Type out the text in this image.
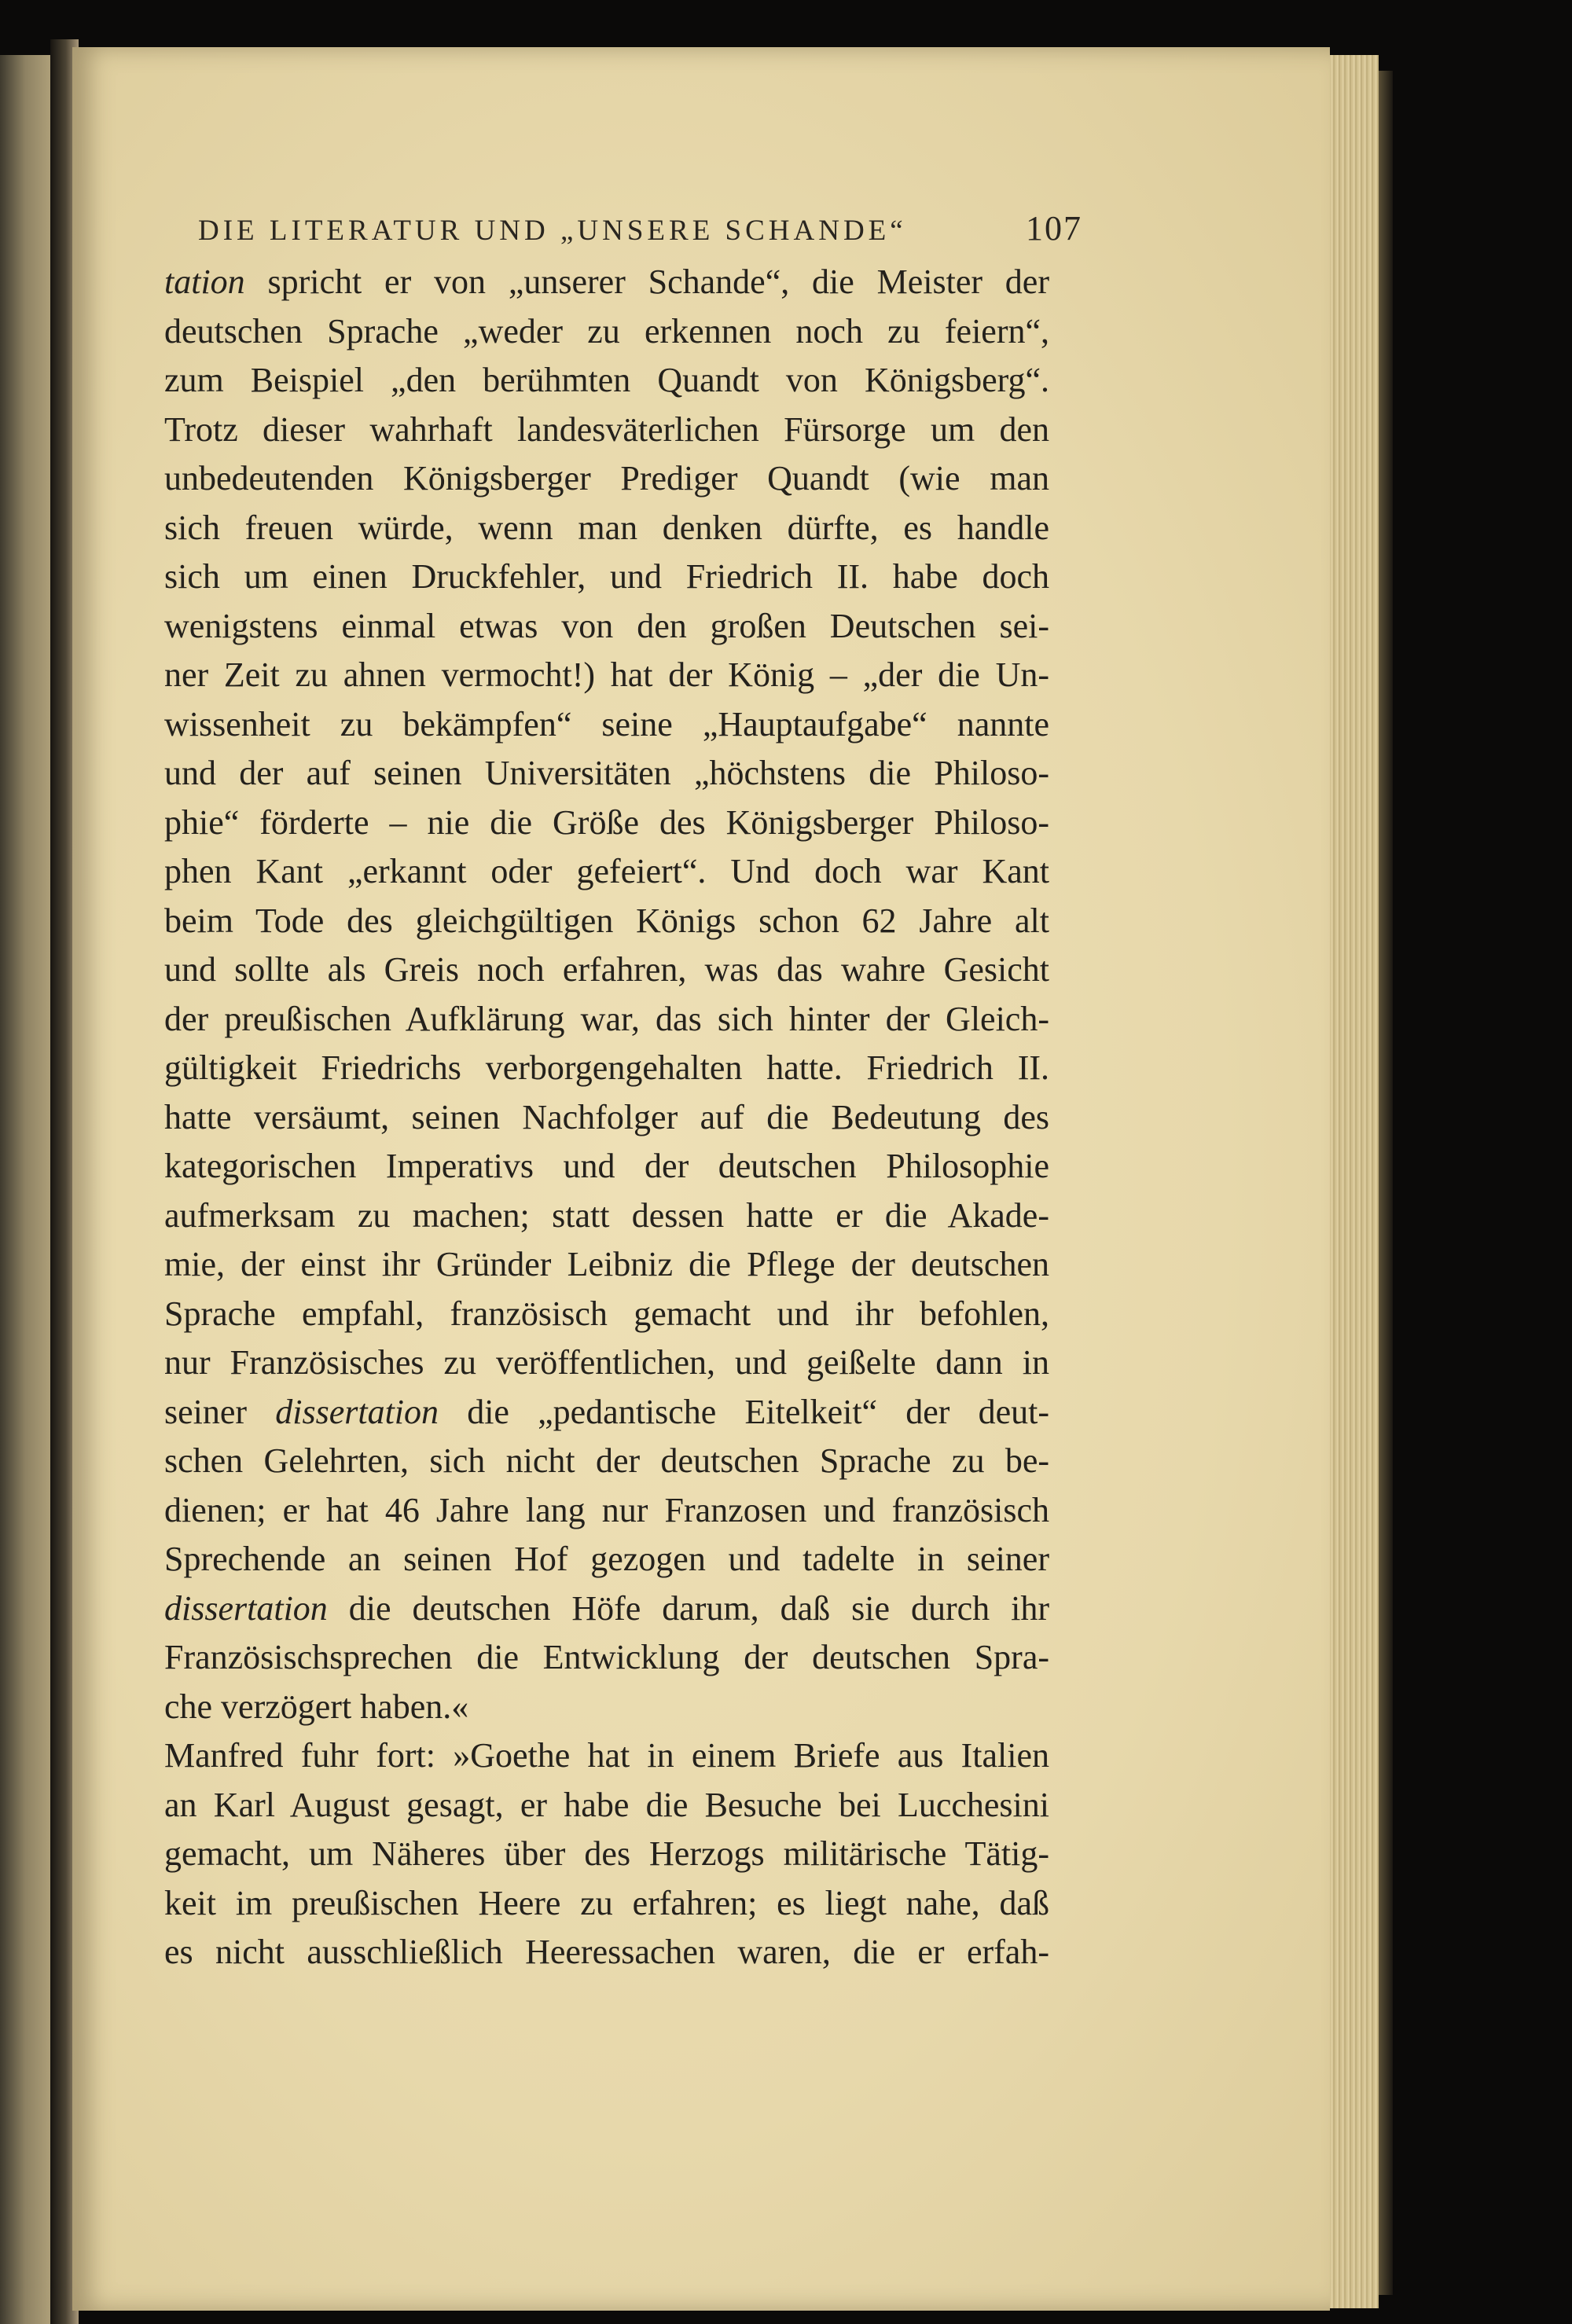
DIE LITERATUR UND „UNSERE SCHANDE“	107
tation spricht er von „unserer Schande“, die Meister der
deutschen Sprache „weder zu erkennen noch zu feiern“,
zum Beispiel „den berühmten Quandt von Königsberg“.
Trotz dieser wahrhaft landesväterlichen Fürsorge um den
unbedeutenden Königsberger Prediger Quandt (wie man
sich freuen würde, wenn man denken dürfte, es handle
sich um einen Druckfehler, und Friedrich II. habe doch
wenigstens einmal etwas von den großen Deutschen sei-
ner Zeit zu ahnen vermocht!) hat der König – „der die Un-
wissenheit zu bekämpfen“ seine „Hauptaufgabe“ nannte
und der auf seinen Universitäten „höchstens die Philoso-
phie“ förderte – nie die Größe des Königsberger Philoso-
phen Kant „erkannt oder gefeiert“. Und doch war Kant
beim Tode des gleichgültigen Königs schon 62 Jahre alt
und sollte als Greis noch erfahren, was das wahre Gesicht
der preußischen Aufklärung war, das sich hinter der Gleich-
gültigkeit Friedrichs verborgengehalten hatte. Friedrich II.
hatte versäumt, seinen Nachfolger auf die Bedeutung des
kategorischen Imperativs und der deutschen Philosophie
aufmerksam zu machen; statt dessen hatte er die Akade-
mie, der einst ihr Gründer Leibniz die Pflege der deutschen
Sprache empfahl, französisch gemacht und ihr befohlen,
nur Französisches zu veröffentlichen, und geißelte dann in
seiner dissertation die „pedantische Eitelkeit“ der deut-
schen Gelehrten, sich nicht der deutschen Sprache zu be-
dienen; er hat 46 Jahre lang nur Franzosen und französisch
Sprechende an seinen Hof gezogen und tadelte in seiner
dissertation die deutschen Höfe darum, daß sie durch ihr
Französischsprechen die Entwicklung der deutschen Spra-
che verzögert haben.«
Manfred fuhr fort: »Goethe hat in einem Briefe aus Italien
an Karl August gesagt, er habe die Besuche bei Lucchesini
gemacht, um Näheres über des Herzogs militärische Tätig-
keit im preußischen Heere zu erfahren; es liegt nahe, daß
es nicht ausschließlich Heeressachen waren, die er erfah-
